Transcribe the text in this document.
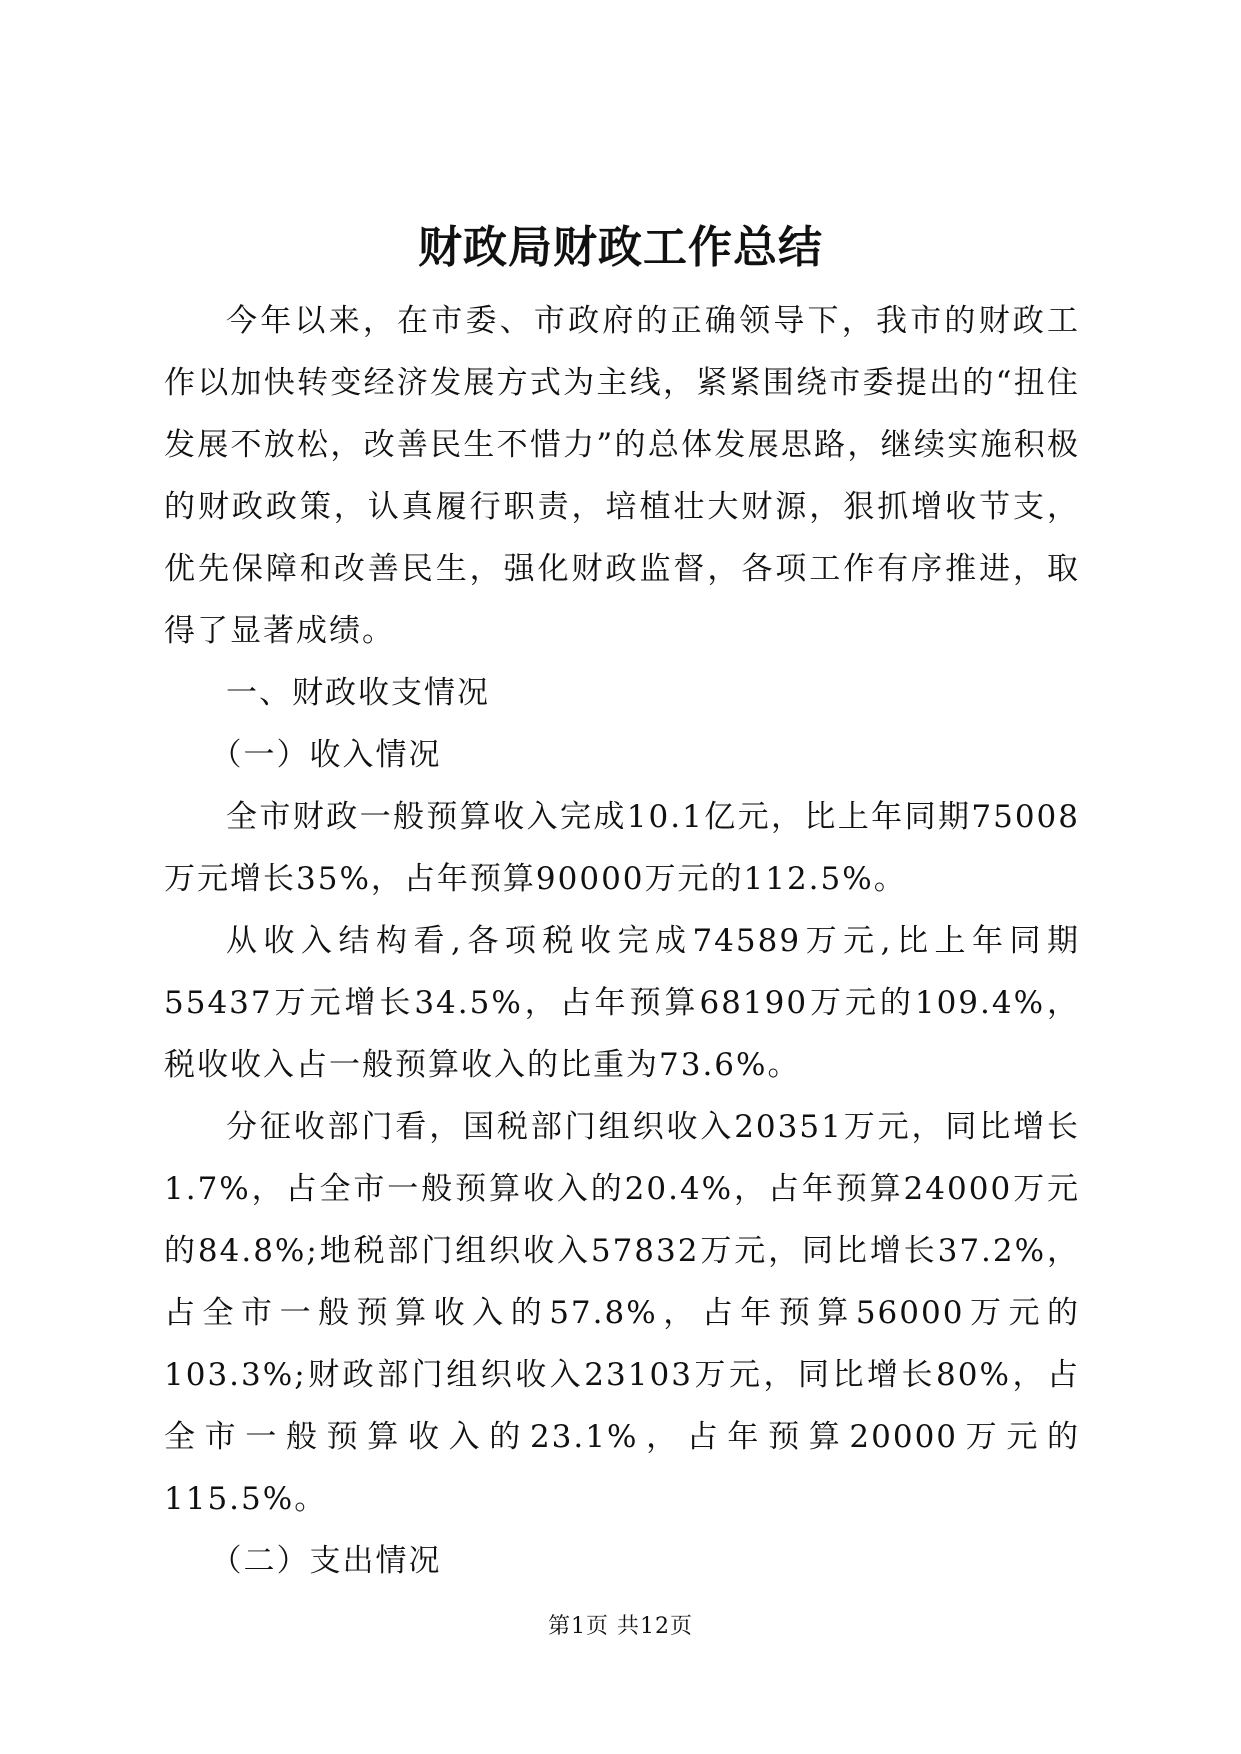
财政局财政工作总结

今年以来，在市委、市政府的正确领导下，我市的财政工作以加快转变经济发展方式为主线，紧紧围绕市委提出的“扭住发展不放松，改善民生不惜力”的总体发展思路，继续实施积极的财政政策，认真履行职责，培植壮大财源，狠抓增收节支，优先保障和改善民生，强化财政监督，各项工作有序推进，取得了显著成绩。

一、财政收支情况

（一）收入情况

全市财政一般预算收入完成10.1亿元，比上年同期75008万元增长35%，占年预算90000万元的112.5%。

从收入结构看,各项税收完成74589万元,比上年同期55437万元增长34.5%，占年预算68190万元的109.4%，税收收入占一般预算收入的比重为73.6%。

分征收部门看，国税部门组织收入20351万元，同比增长1.7%，占全市一般预算收入的20.4%，占年预算24000万元的84.8%;地税部门组织收入57832万元，同比增长37.2%，占全市一般预算收入的57.8%，占年预算56000万元的103.3%;财政部门组织收入23103万元，同比增长80%，占全市一般预算收入的23.1%，占年预算20000万元的115.5%。

（二）支出情况

第1页 共12页
